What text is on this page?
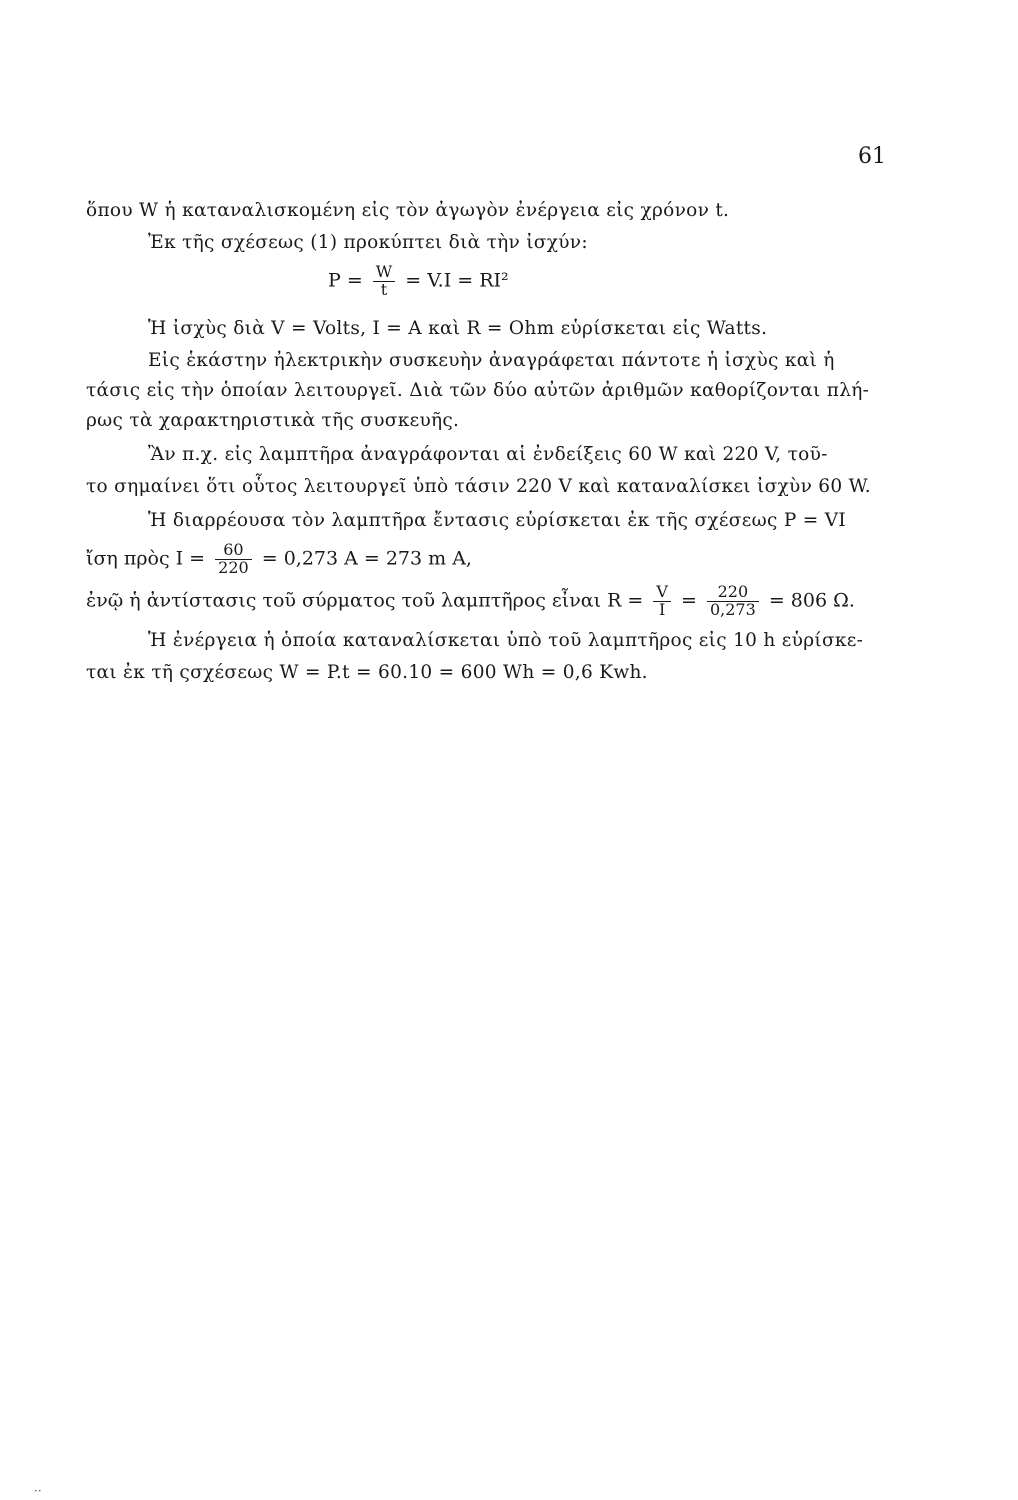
61
ὅπου W ἡ καταναλισκομένη εἰς τὸν ἀγωγὸν ἐνέργεια εἰς χρόνον t.
Ἐκ τῆς σχέσεως (1) προκύπτει διὰ τὴν ἰσχύν:
$P = \frac{W}{t} = V.I = RI^2$
Ἡ ἰσχὺς διὰ V = Volts, I = A καὶ R = Ohm εὑρίσκεται εἰς Watts.
Εἰς ἑκάστην ἠλεκτρικὴν συσκευὴν ἀναγράφεται πάντοτε ἡ ἰσχὺς καὶ ἡ
τάσις εἰς τὴν ὁποίαν λειτουργεῖ. Διὰ τῶν δύο αὐτῶν ἀριθμῶν καθορίζονται πλή-
ρως τὰ χαρακτηριστικὰ τῆς συσκευῆς.
Ἂν π.χ. εἰς λαμπτῆρα ἀναγράφονται αἱ ἐνδείξεις 60 W καὶ 220 V, τοῦ-
το σημαίνει ὅτι οὗτος λειτουργεῖ ὑπὸ τάσιν 220 V καὶ καταναλίσκει ἰσχὺν 60 W.
Ἡ διαρρέουσα τὸν λαμπτῆρα ἔντασις εὑρίσκεται ἐκ τῆς σχέσεως P = VI
ἴση πρὸς $I = \frac{60}{220} = 0,273$ A = 273 m A,
ἐνῷ ἡ ἀντίστασις τοῦ σύρματος τοῦ λαμπτῆρος εἶναι $R = \frac{V}{I} = \frac{220}{0,273} = 806$ Ω.
Ἡ ἐνέργεια ἡ ὁποία καταναλίσκεται ὑπὸ τοῦ λαμπτῆρος εἰς 10 h εὑρίσκε-
ται ἐκ τῆ ςσχέσεως W = P.t = 60.10 = 600 Wh = 0,6 Kwh.
··
